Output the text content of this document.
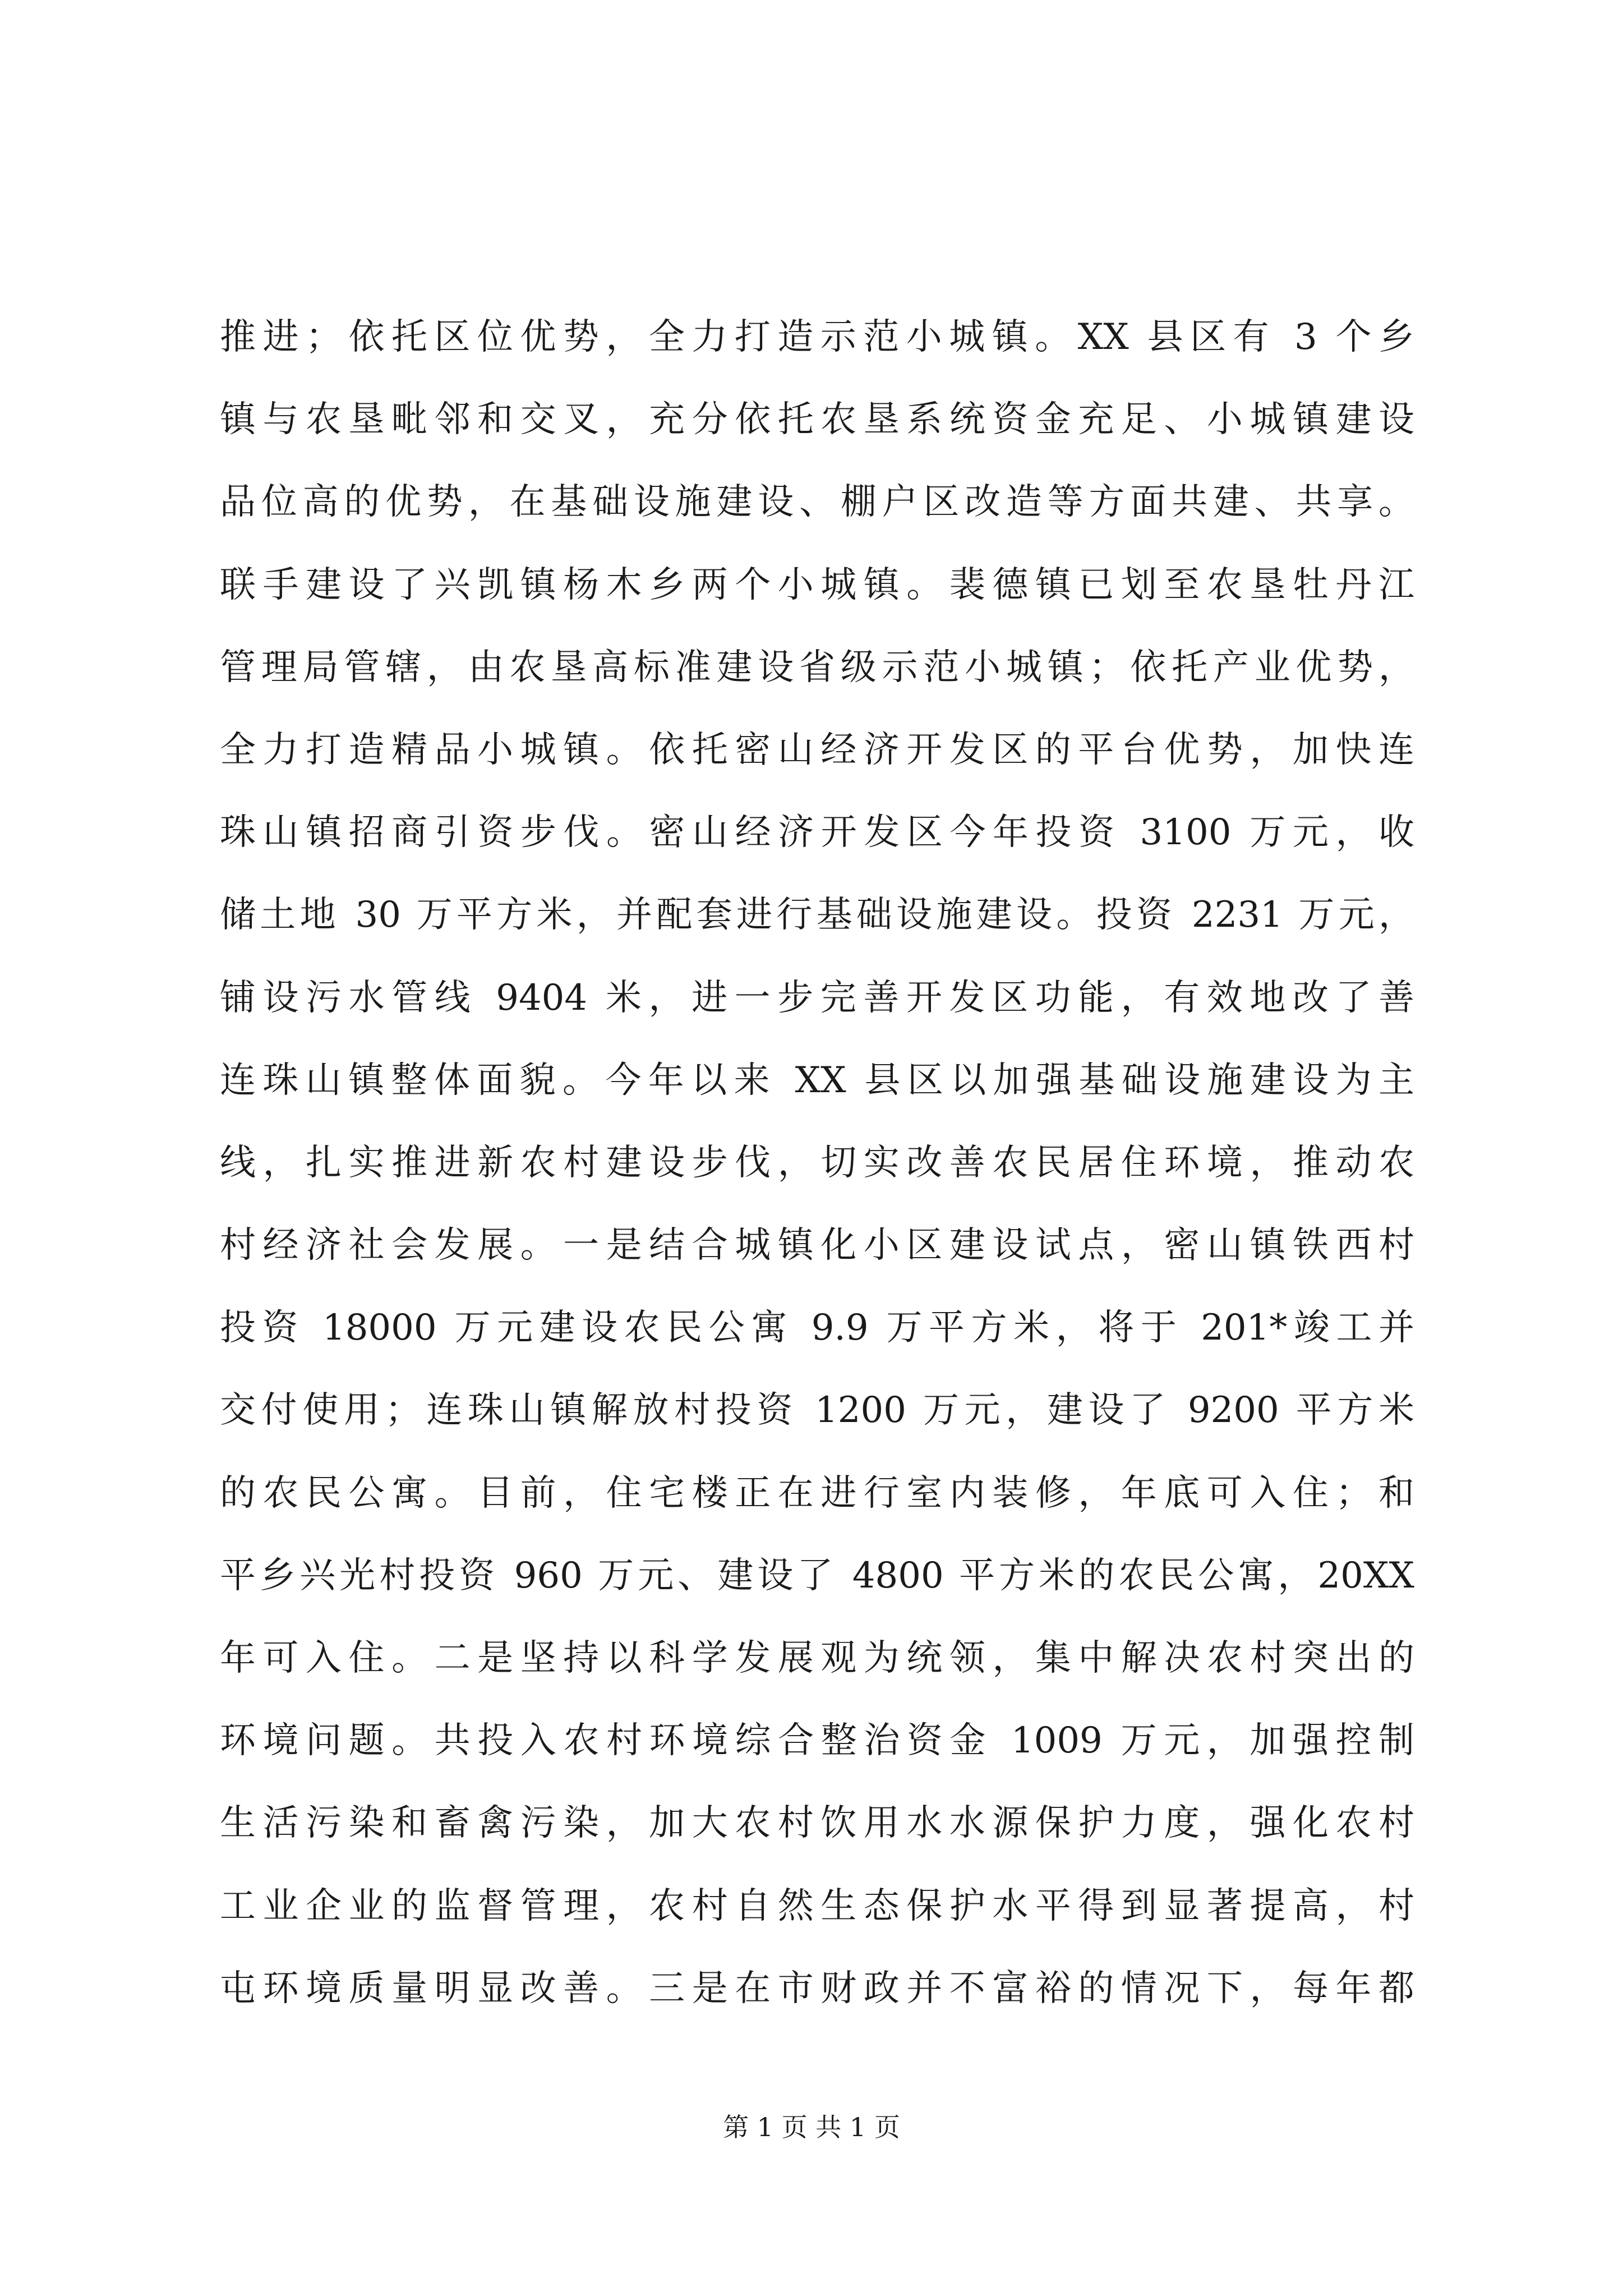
推进；依托区位优势，全力打造示范小城镇。XX 县区有 3 个乡
镇与农垦毗邻和交叉，充分依托农垦系统资金充足、小城镇建设
品位高的优势，在基础设施建设、棚户区改造等方面共建、共享。
联手建设了兴凯镇杨木乡两个小城镇。裴德镇已划至农垦牡丹江
管理局管辖，由农垦高标准建设省级示范小城镇；依托产业优势，
全力打造精品小城镇。依托密山经济开发区的平台优势，加快连
珠山镇招商引资步伐。密山经济开发区今年投资 3100 万元，收
储土地 30 万平方米，并配套进行基础设施建设。投资 2231 万元，
铺设污水管线 9404 米，进一步完善开发区功能，有效地改了善
连珠山镇整体面貌。今年以来 XX 县区以加强基础设施建设为主
线，扎实推进新农村建设步伐，切实改善农民居住环境，推动农
村经济社会发展。一是结合城镇化小区建设试点，密山镇铁西村
投资 18000 万元建设农民公寓 9.9 万平方米，将于 201*竣工并
交付使用；连珠山镇解放村投资 1200 万元，建设了 9200 平方米
的农民公寓。目前，住宅楼正在进行室内装修，年底可入住；和
平乡兴光村投资 960 万元、建设了 4800 平方米的农民公寓，20XX
年可入住。二是坚持以科学发展观为统领，集中解决农村突出的
环境问题。共投入农村环境综合整治资金 1009 万元，加强控制
生活污染和畜禽污染，加大农村饮用水水源保护力度，强化农村
工业企业的监督管理，农村自然生态保护水平得到显著提高，村
屯环境质量明显改善。三是在市财政并不富裕的情况下，每年都
第 1 页 共 1 页
